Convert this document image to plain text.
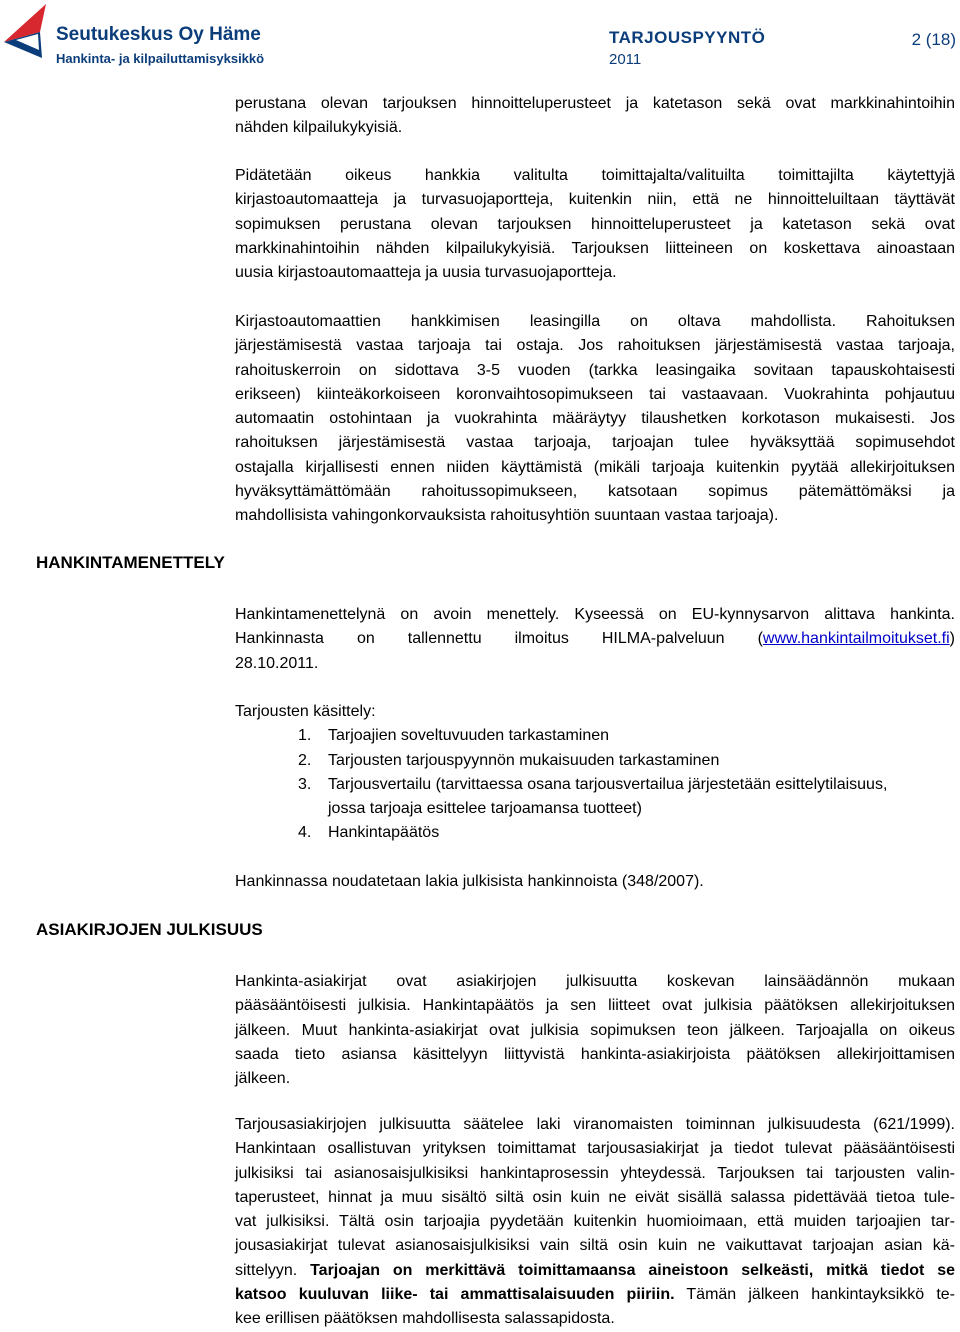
Seutukeskus Oy Häme
Hankinta- ja kilpailuttamisyksikkö
TARJOUSPYYNTÖ
2011
2 (18)
HANKINTAMENETTELY
ASIAKIRJOJEN JULKISUUS
perustana olevan tarjouksen hinnoitteluperusteet ja katetason sekä ovat markkinahintoihin
nähden kilpailukykyisiä.
Pidätetään oikeus hankkia valitulta toimittajalta/valituilta toimittajilta käytettyjä
kirjastoautomaatteja ja turvasuojaportteja, kuitenkin niin, että ne hinnoitteluiltaan täyttävät
sopimuksen perustana olevan tarjouksen hinnoitteluperusteet ja katetason sekä ovat
markkinahintoihin nähden kilpailukykyisiä. Tarjouksen liitteineen on koskettava ainoastaan
uusia kirjastoautomaatteja ja uusia turvasuojaportteja.
Kirjastoautomaattien hankkimisen leasingilla on oltava mahdollista. Rahoituksen
järjestämisestä vastaa tarjoaja tai ostaja. Jos rahoituksen järjestämisestä vastaa tarjoaja,
rahoituskerroin on sidottava 3-5 vuoden (tarkka leasingaika sovitaan tapauskohtaisesti
erikseen) kiinteäkorkoiseen koronvaihtosopimukseen tai vastaavaan. Vuokrahinta pohjautuu
automaatin ostohintaan ja vuokrahinta määräytyy tilaushetken korkotason mukaisesti. Jos
rahoituksen järjestämisestä vastaa tarjoaja, tarjoajan tulee hyväksyttää sopimusehdot
ostajalla kirjallisesti ennen niiden käyttämistä (mikäli tarjoaja kuitenkin pyytää allekirjoituksen
hyväksyttämättömään rahoitussopimukseen, katsotaan sopimus pätemättömäksi ja
mahdollisista vahingonkorvauksista rahoitusyhtiön suuntaan vastaa tarjoaja).
Hankintamenettelynä on avoin menettely. Kyseessä on EU-kynnysarvon alittava hankinta.
Hankinnasta on tallennettu ilmoitus HILMA-palveluun (www.hankintailmoitukset.fi)
28.10.2011.
Tarjousten käsittely:
1. Tarjoajien soveltuvuuden tarkastaminen
2. Tarjousten tarjouspyynnön mukaisuuden tarkastaminen
3. Tarjousvertailu (tarvittaessa osana tarjousvertailua järjestetään esittelytilaisuus,
jossa tarjoaja esittelee tarjoamansa tuotteet)
4. Hankintapäätös
Hankinnassa noudatetaan lakia julkisista hankinnoista (348/2007).
Hankinta-asiakirjat ovat asiakirjojen julkisuutta koskevan lainsäädännön mukaan
pääsääntöisesti julkisia. Hankintapäätös ja sen liitteet ovat julkisia päätöksen allekirjoituksen
jälkeen. Muut hankinta-asiakirjat ovat julkisia sopimuksen teon jälkeen. Tarjoajalla on oikeus
saada tieto asiansa käsittelyyn liittyvistä hankinta-asiakirjoista päätöksen allekirjoittamisen
jälkeen.
Tarjousasiakirjojen julkisuutta säätelee laki viranomaisten toiminnan julkisuudesta (621/1999).
Hankintaan osallistuvan yrityksen toimittamat tarjousasiakirjat ja tiedot tulevat pääsääntöisesti
julkisiksi tai asianosaisjulkisiksi hankintaprosessin yhteydessä. Tarjouksen tai tarjousten valin-
taperusteet, hinnat ja muu sisältö siltä osin kuin ne eivät sisällä salassa pidettävää tietoa tule-
vat julkisiksi. Tältä osin tarjoajia pyydetään kuitenkin huomioimaan, että muiden tarjoajien tar-
jousasiakirjat tulevat asianosaisjulkisiksi vain siltä osin kuin ne vaikuttavat tarjoajan asian kä-
sittelyyn. Tarjoajan on merkittävä toimittamaansa aineistoon selkeästi, mitkä tiedot se
katsoo kuuluvan liike- tai ammattisalaisuuden piiriin. Tämän jälkeen hankintayksikkö te-
kee erillisen päätöksen mahdollisesta salassapidosta.
